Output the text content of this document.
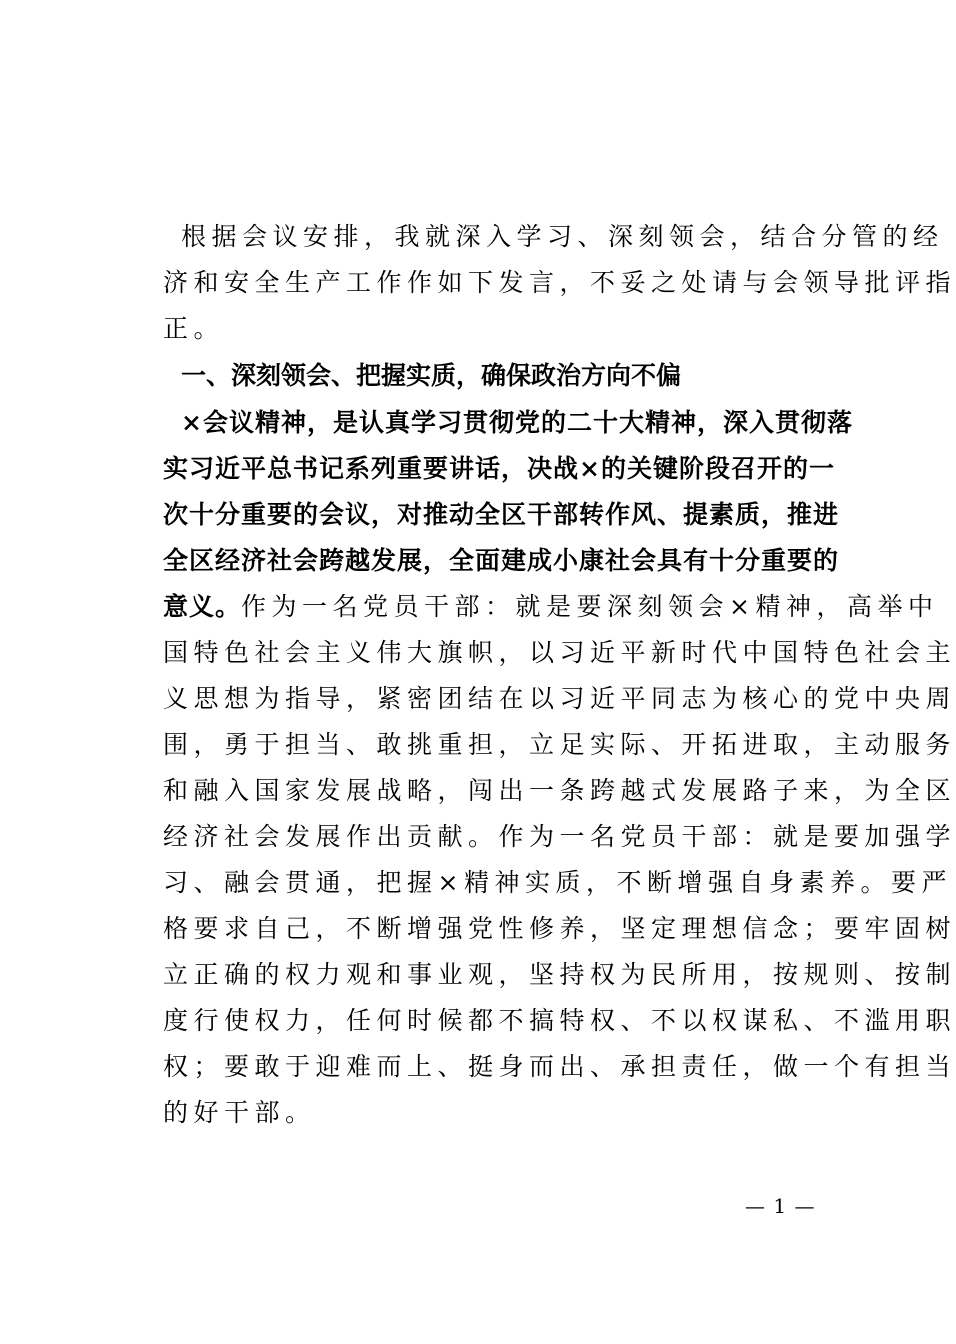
根据会议安排，我就深入学习、深刻领会，结合分管的经
济和安全生产工作作如下发言，不妥之处请与会领导批评指
正。
一、深刻领会、把握实质，确保政治方向不偏
×会议精神，是认真学习贯彻党的二十大精神，深入贯彻落
实习近平总书记系列重要讲话，决战×的关键阶段召开的一
次十分重要的会议，对推动全区干部转作风、提素质，推进
全区经济社会跨越发展，全面建成小康社会具有十分重要的
意义。作为一名党员干部：就是要深刻领会×精神，高举中
国特色社会主义伟大旗帜，以习近平新时代中国特色社会主
义思想为指导，紧密团结在以习近平同志为核心的党中央周
围，勇于担当、敢挑重担，立足实际、开拓进取，主动服务
和融入国家发展战略，闯出一条跨越式发展路子来，为全区
经济社会发展作出贡献。作为一名党员干部：就是要加强学
习、融会贯通，把握×精神实质，不断增强自身素养。要严
格要求自己，不断增强党性修养，坚定理想信念；要牢固树
立正确的权力观和事业观，坚持权为民所用，按规则、按制
度行使权力，任何时候都不搞特权、不以权谋私、不滥用职
权；要敢于迎难而上、挺身而出、承担责任，做一个有担当
的好干部。
— 1 —
